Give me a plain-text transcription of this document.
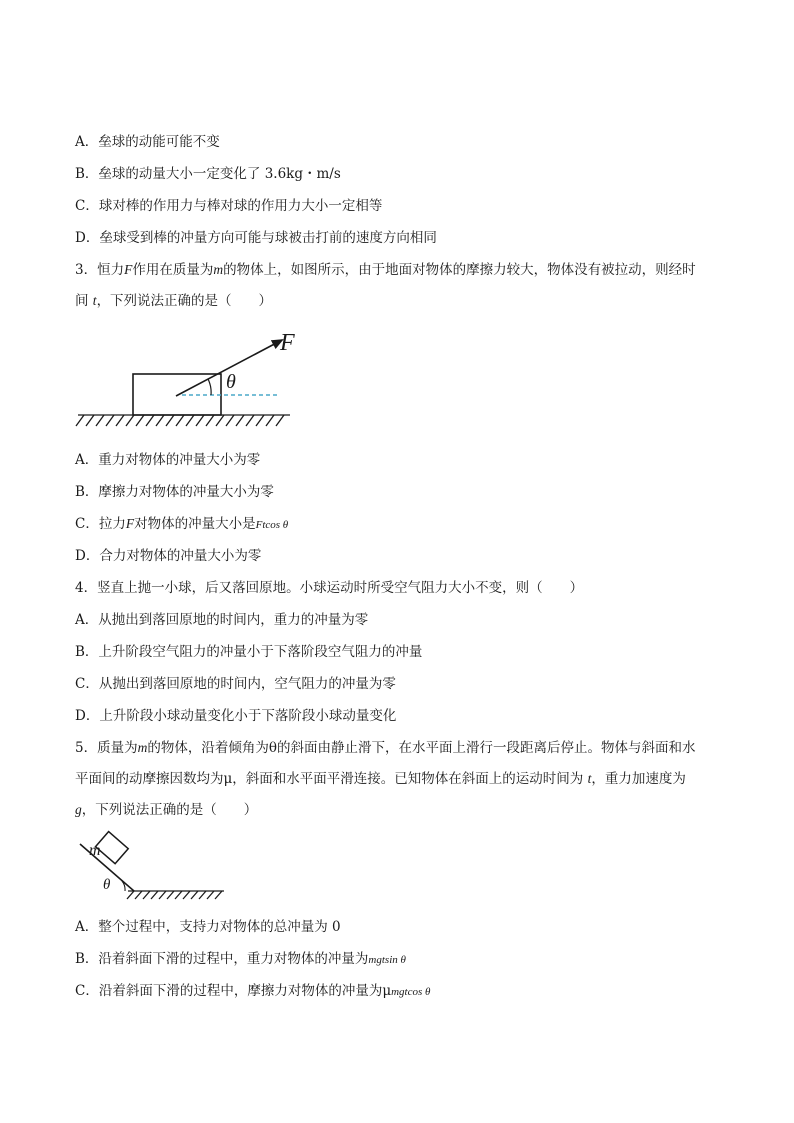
A．垒球的动能可能不变
B．垒球的动量大小一定变化了 3.6kg・m/s
C．球对棒的作用力与棒对球的作用力大小一定相等
D．垒球受到棒的冲量方向可能与球被击打前的速度方向相同
3．恒力F作用在质量为m的物体上，如图所示，由于地面对物体的摩擦力较大，物体没有被拉动，则经时
间 t，下列说法正确的是（　　）
F
θ
A．重力对物体的冲量大小为零
B．摩擦力对物体的冲量大小为零
C．拉力F对物体的冲量大小是Ftcos θ
D．合力对物体的冲量大小为零
4．竖直上抛一小球，后又落回原地。小球运动时所受空气阻力大小不变，则（　　）
A．从抛出到落回原地的时间内，重力的冲量为零
B．上升阶段空气阻力的冲量小于下落阶段空气阻力的冲量
C．从抛出到落回原地的时间内，空气阻力的冲量为零
D．上升阶段小球动量变化小于下落阶段小球动量变化
5．质量为m的物体，沿着倾角为θ的斜面由静止滑下，在水平面上滑行一段距离后停止。物体与斜面和水
平面间的动摩擦因数均为μ，斜面和水平面平滑连接。已知物体在斜面上的运动时间为 t，重力加速度为
g，下列说法正确的是（　　）
m
θ
A．整个过程中，支持力对物体的总冲量为 0
B．沿着斜面下滑的过程中，重力对物体的冲量为mgtsin θ
C．沿着斜面下滑的过程中，摩擦力对物体的冲量为μmgtcos θ
